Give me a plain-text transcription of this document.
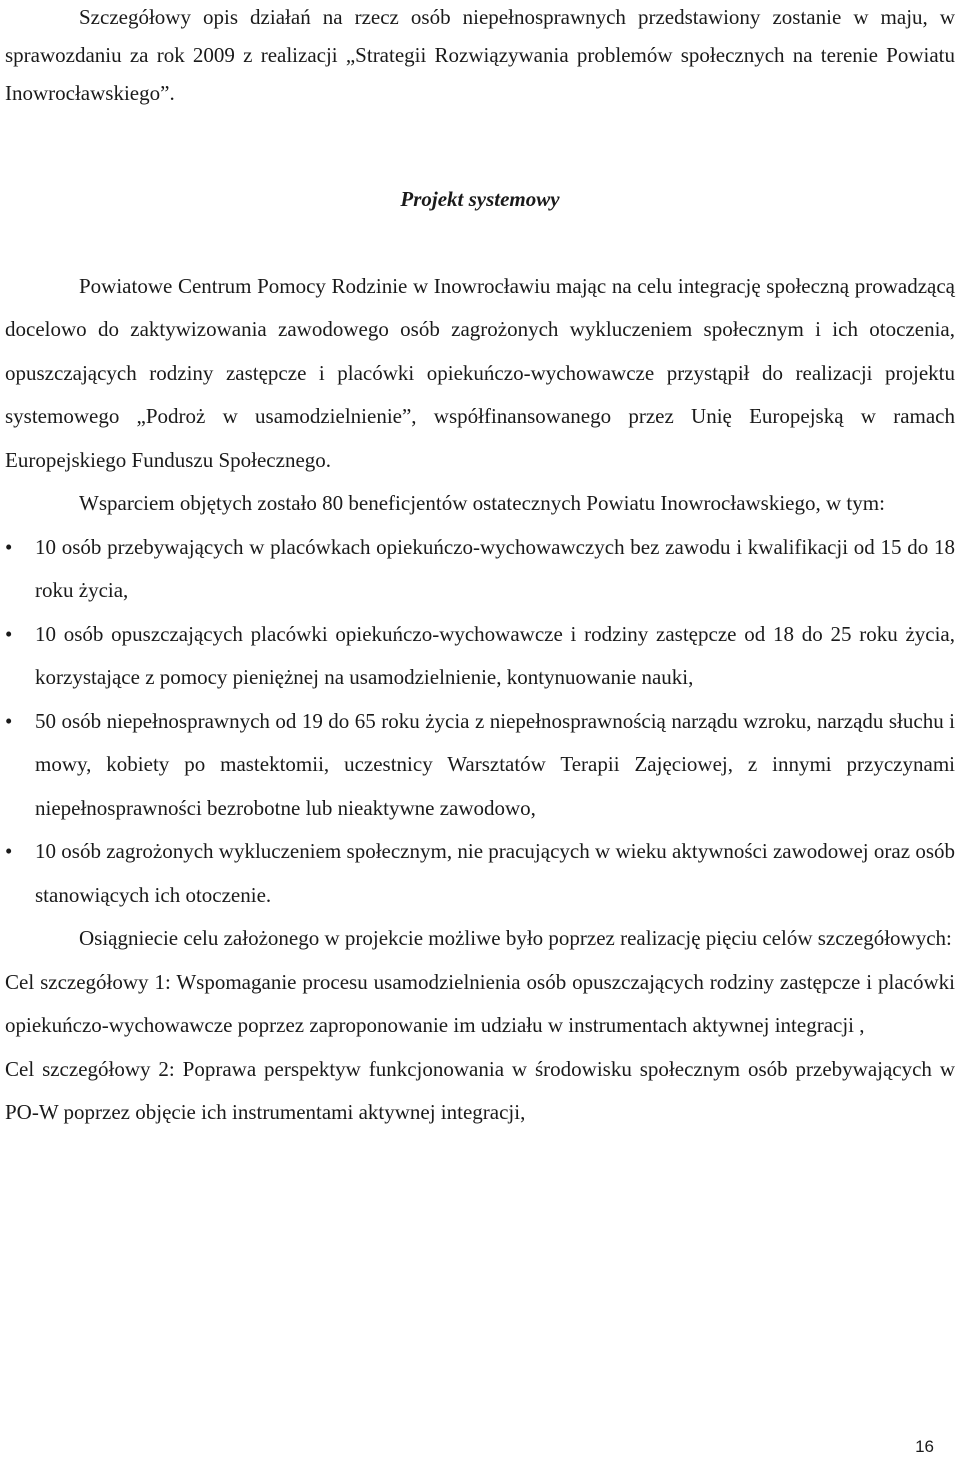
Szczegółowy opis działań na rzecz osób niepełnosprawnych przedstawiony zostanie w maju, w sprawozdaniu za rok 2009 z realizacji „Strategii Rozwiązywania problemów społecznych na terenie Powiatu Inowrocławskiego”.

Projekt systemowy

Powiatowe Centrum Pomocy Rodzinie w Inowrocławiu mając na celu integrację społeczną prowadzącą docelowo do zaktywizowania zawodowego osób zagrożonych wykluczeniem społecznym i ich otoczenia, opuszczających rodziny zastępcze i placówki opiekuńczo-wychowawcze przystąpił do realizacji projektu systemowego „Podroż w usamodzielnienie”, współfinansowanego przez Unię Europejską w ramach Europejskiego Funduszu Społecznego.

Wsparciem objętych zostało 80 beneficjentów ostatecznych Powiatu Inowrocławskiego, w tym:

• 10 osób przebywających w placówkach opiekuńczo-wychowawczych bez zawodu i kwalifikacji od 15 do 18 roku życia,
• 10 osób opuszczających placówki opiekuńczo-wychowawcze i rodziny zastępcze od 18 do 25 roku życia, korzystające z pomocy pieniężnej na usamodzielnienie, kontynuowanie nauki,
• 50 osób niepełnosprawnych od 19 do 65 roku życia z niepełnosprawnością narządu wzroku, narządu słuchu i mowy, kobiety po mastektomii, uczestnicy Warsztatów Terapii Zajęciowej, z innymi przyczynami niepełnosprawności bezrobotne lub nieaktywne zawodowo,
• 10 osób zagrożonych wykluczeniem społecznym, nie pracujących w wieku aktywności zawodowej oraz osób stanowiących ich otoczenie.

Osiągniecie celu założonego w projekcie możliwe było poprzez realizację pięciu celów szczegółowych:

Cel szczegółowy 1: Wspomaganie procesu usamodzielnienia osób opuszczających rodziny zastępcze i placówki opiekuńczo-wychowawcze poprzez zaproponowanie im udziału w instrumentach aktywnej integracji ,

Cel szczegółowy 2: Poprawa perspektyw funkcjonowania w środowisku społecznym osób przebywających w PO-W poprzez objęcie ich instrumentami aktywnej integracji,

16
